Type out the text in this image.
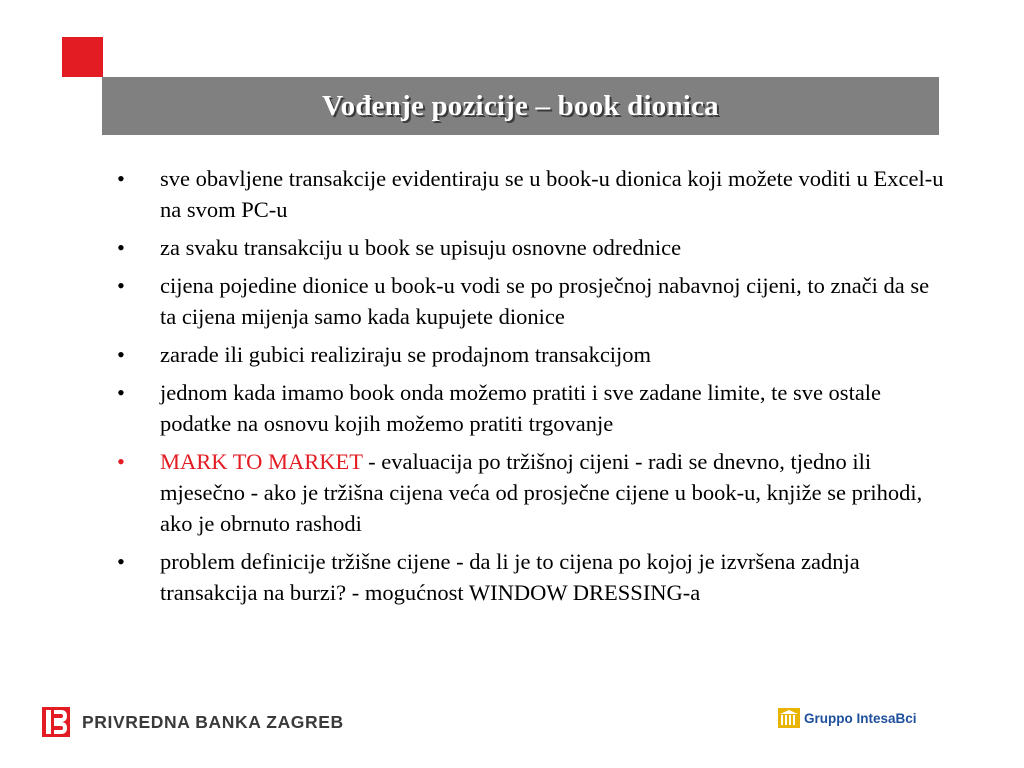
Vođenje pozicije – book dionica
•	sve obavljene transakcije evidentiraju se u book-u dionica koji možete voditi u Excel-u na svom PC-u
•	za svaku transakciju u book se upisuju osnovne odrednice
•	cijena pojedine dionice u book-u vodi se po prosječnoj nabavnoj cijeni, to znači da se ta cijena mijenja samo kada kupujete dionice
•	zarade ili gubici realiziraju se prodajnom transakcijom
•	jednom kada imamo book onda možemo pratiti i sve zadane limite, te sve ostale podatke na osnovu kojih možemo pratiti trgovanje
•	MARK TO MARKET - evaluacija po tržišnoj cijeni - radi se dnevno, tjedno ili mjesečno - ako je tržišna cijena veća od prosječne cijene u book-u, knjiže se prihodi, ako je obrnuto rashodi
•	problem definicije tržišne cijene - da li je to cijena po kojoj je izvršena zadnja transakcija na burzi? - mogućnost WINDOW DRESSING-a
PRIVREDNA BANKA ZAGREB	Gruppo IntesaBci
